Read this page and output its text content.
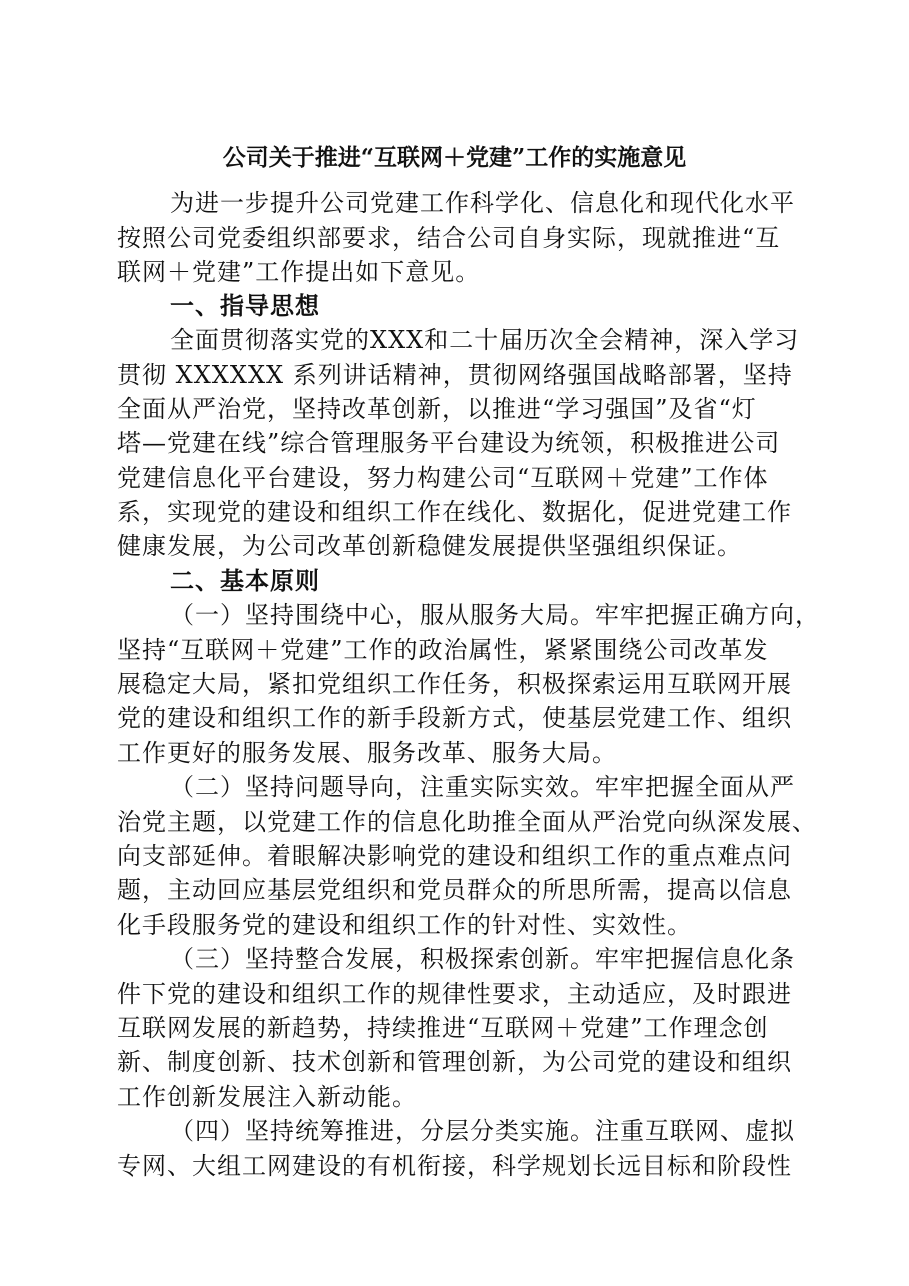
公司关于推进“互联网＋党建”工作的实施意见
为进一步提升公司党建工作科学化、信息化和现代化水平
按照公司党委组织部要求，结合公司自身实际，现就推进“互
联网＋党建”工作提出如下意见。
一、指导思想
全面贯彻落实党的XXX和二十届历次全会精神，深入学习
贯彻 XXXXXX 系列讲话精神，贯彻网络强国战略部署，坚持
全面从严治党，坚持改革创新，以推进“学习强国”及省“灯
塔—党建在线”综合管理服务平台建设为统领，积极推进公司
党建信息化平台建设，努力构建公司“互联网＋党建”工作体
系，实现党的建设和组织工作在线化、数据化，促进党建工作
健康发展，为公司改革创新稳健发展提供坚强组织保证。
二、基本原则
（一）坚持围绕中心，服从服务大局。牢牢把握正确方向，
坚持“互联网＋党建”工作的政治属性，紧紧围绕公司改革发
展稳定大局，紧扣党组织工作任务，积极探索运用互联网开展
党的建设和组织工作的新手段新方式，使基层党建工作、组织
工作更好的服务发展、服务改革、服务大局。
（二）坚持问题导向，注重实际实效。牢牢把握全面从严
治党主题，以党建工作的信息化助推全面从严治党向纵深发展、
向支部延伸。着眼解决影响党的建设和组织工作的重点难点问
题，主动回应基层党组织和党员群众的所思所需，提高以信息
化手段服务党的建设和组织工作的针对性、实效性。
（三）坚持整合发展，积极探索创新。牢牢把握信息化条
件下党的建设和组织工作的规律性要求，主动适应，及时跟进
互联网发展的新趋势，持续推进“互联网＋党建”工作理念创
新、制度创新、技术创新和管理创新，为公司党的建设和组织
工作创新发展注入新动能。
（四）坚持统筹推进，分层分类实施。注重互联网、虚拟
专网、大组工网建设的有机衔接，科学规划长远目标和阶段性
